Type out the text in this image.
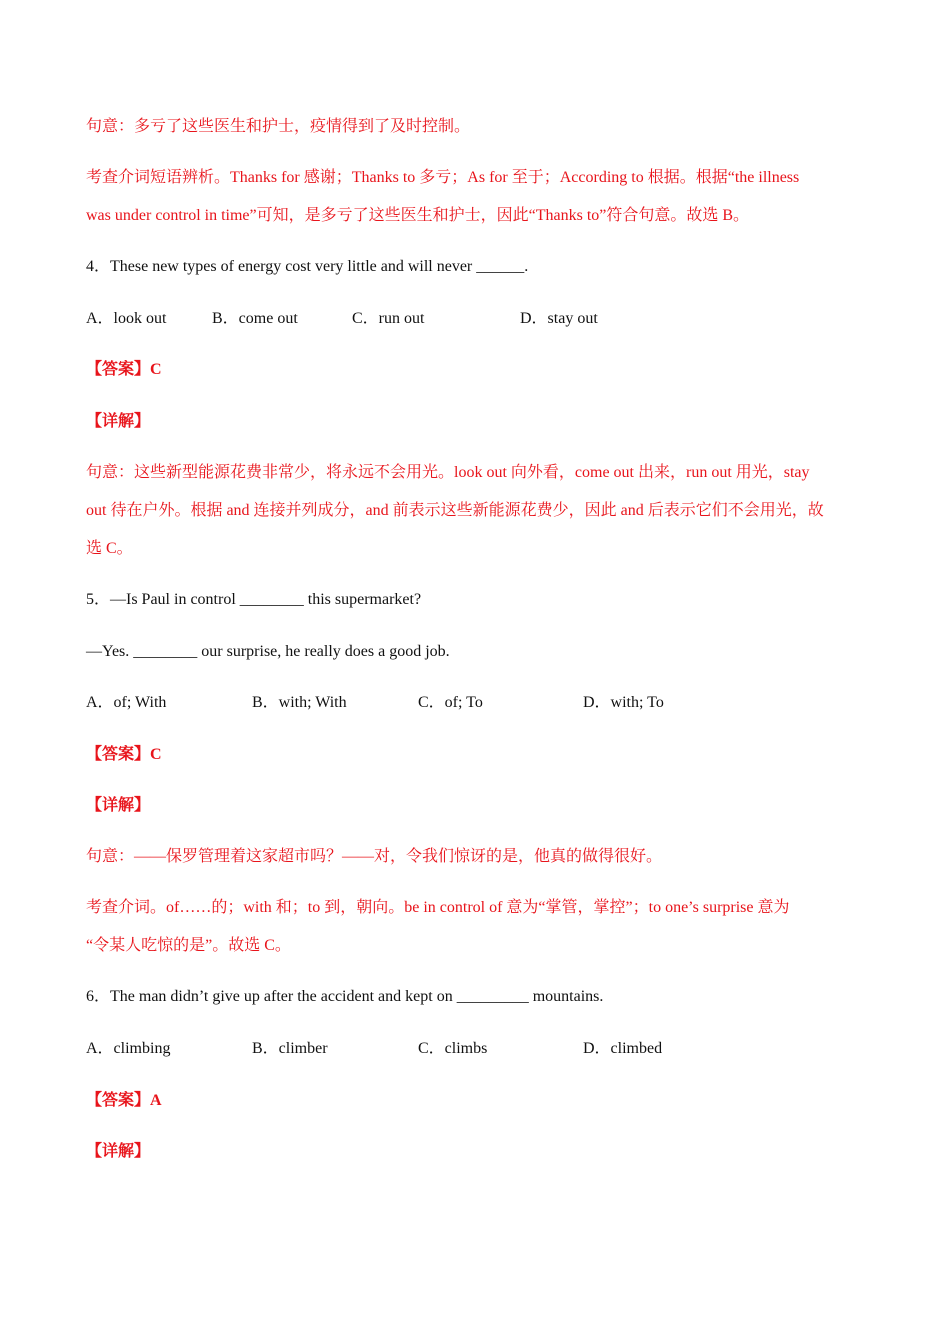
句意：多亏了这些医生和护士，疫情得到了及时控制。
考查介词短语辨析。Thanks for 感谢；Thanks to 多亏；As for 至于；According to 根据。根据“the illness
was under control in time”可知，是多亏了这些医生和护士，因此“Thanks to”符合句意。故选 B。
4．These new types of energy cost very little and will never ______.
A．look out	B．come out	C．run out	D．stay out
【答案】C
【详解】
句意：这些新型能源花费非常少，将永远不会用光。look out 向外看，come out 出来，run out 用光，stay
out 待在户外。根据 and 连接并列成分，and 前表示这些新能源花费少，因此 and 后表示它们不会用光，故
选 C。
5．—Is Paul in control ________ this supermarket?
—Yes. ________ our surprise, he really does a good job.
A．of; With	B．with; With	C．of; To	D．with; To
【答案】C
【详解】
句意：——保罗管理着这家超市吗？——对，令我们惊讶的是，他真的做得很好。
考查介词。of……的；with 和；to 到，朝向。be in control of 意为“掌管，掌控”；to one’s surprise 意为
“令某人吃惊的是”。故选 C。
6．The man didn’t give up after the accident and kept on _________ mountains.
A．climbing	B．climber	C．climbs	D．climbed
【答案】A
【详解】
